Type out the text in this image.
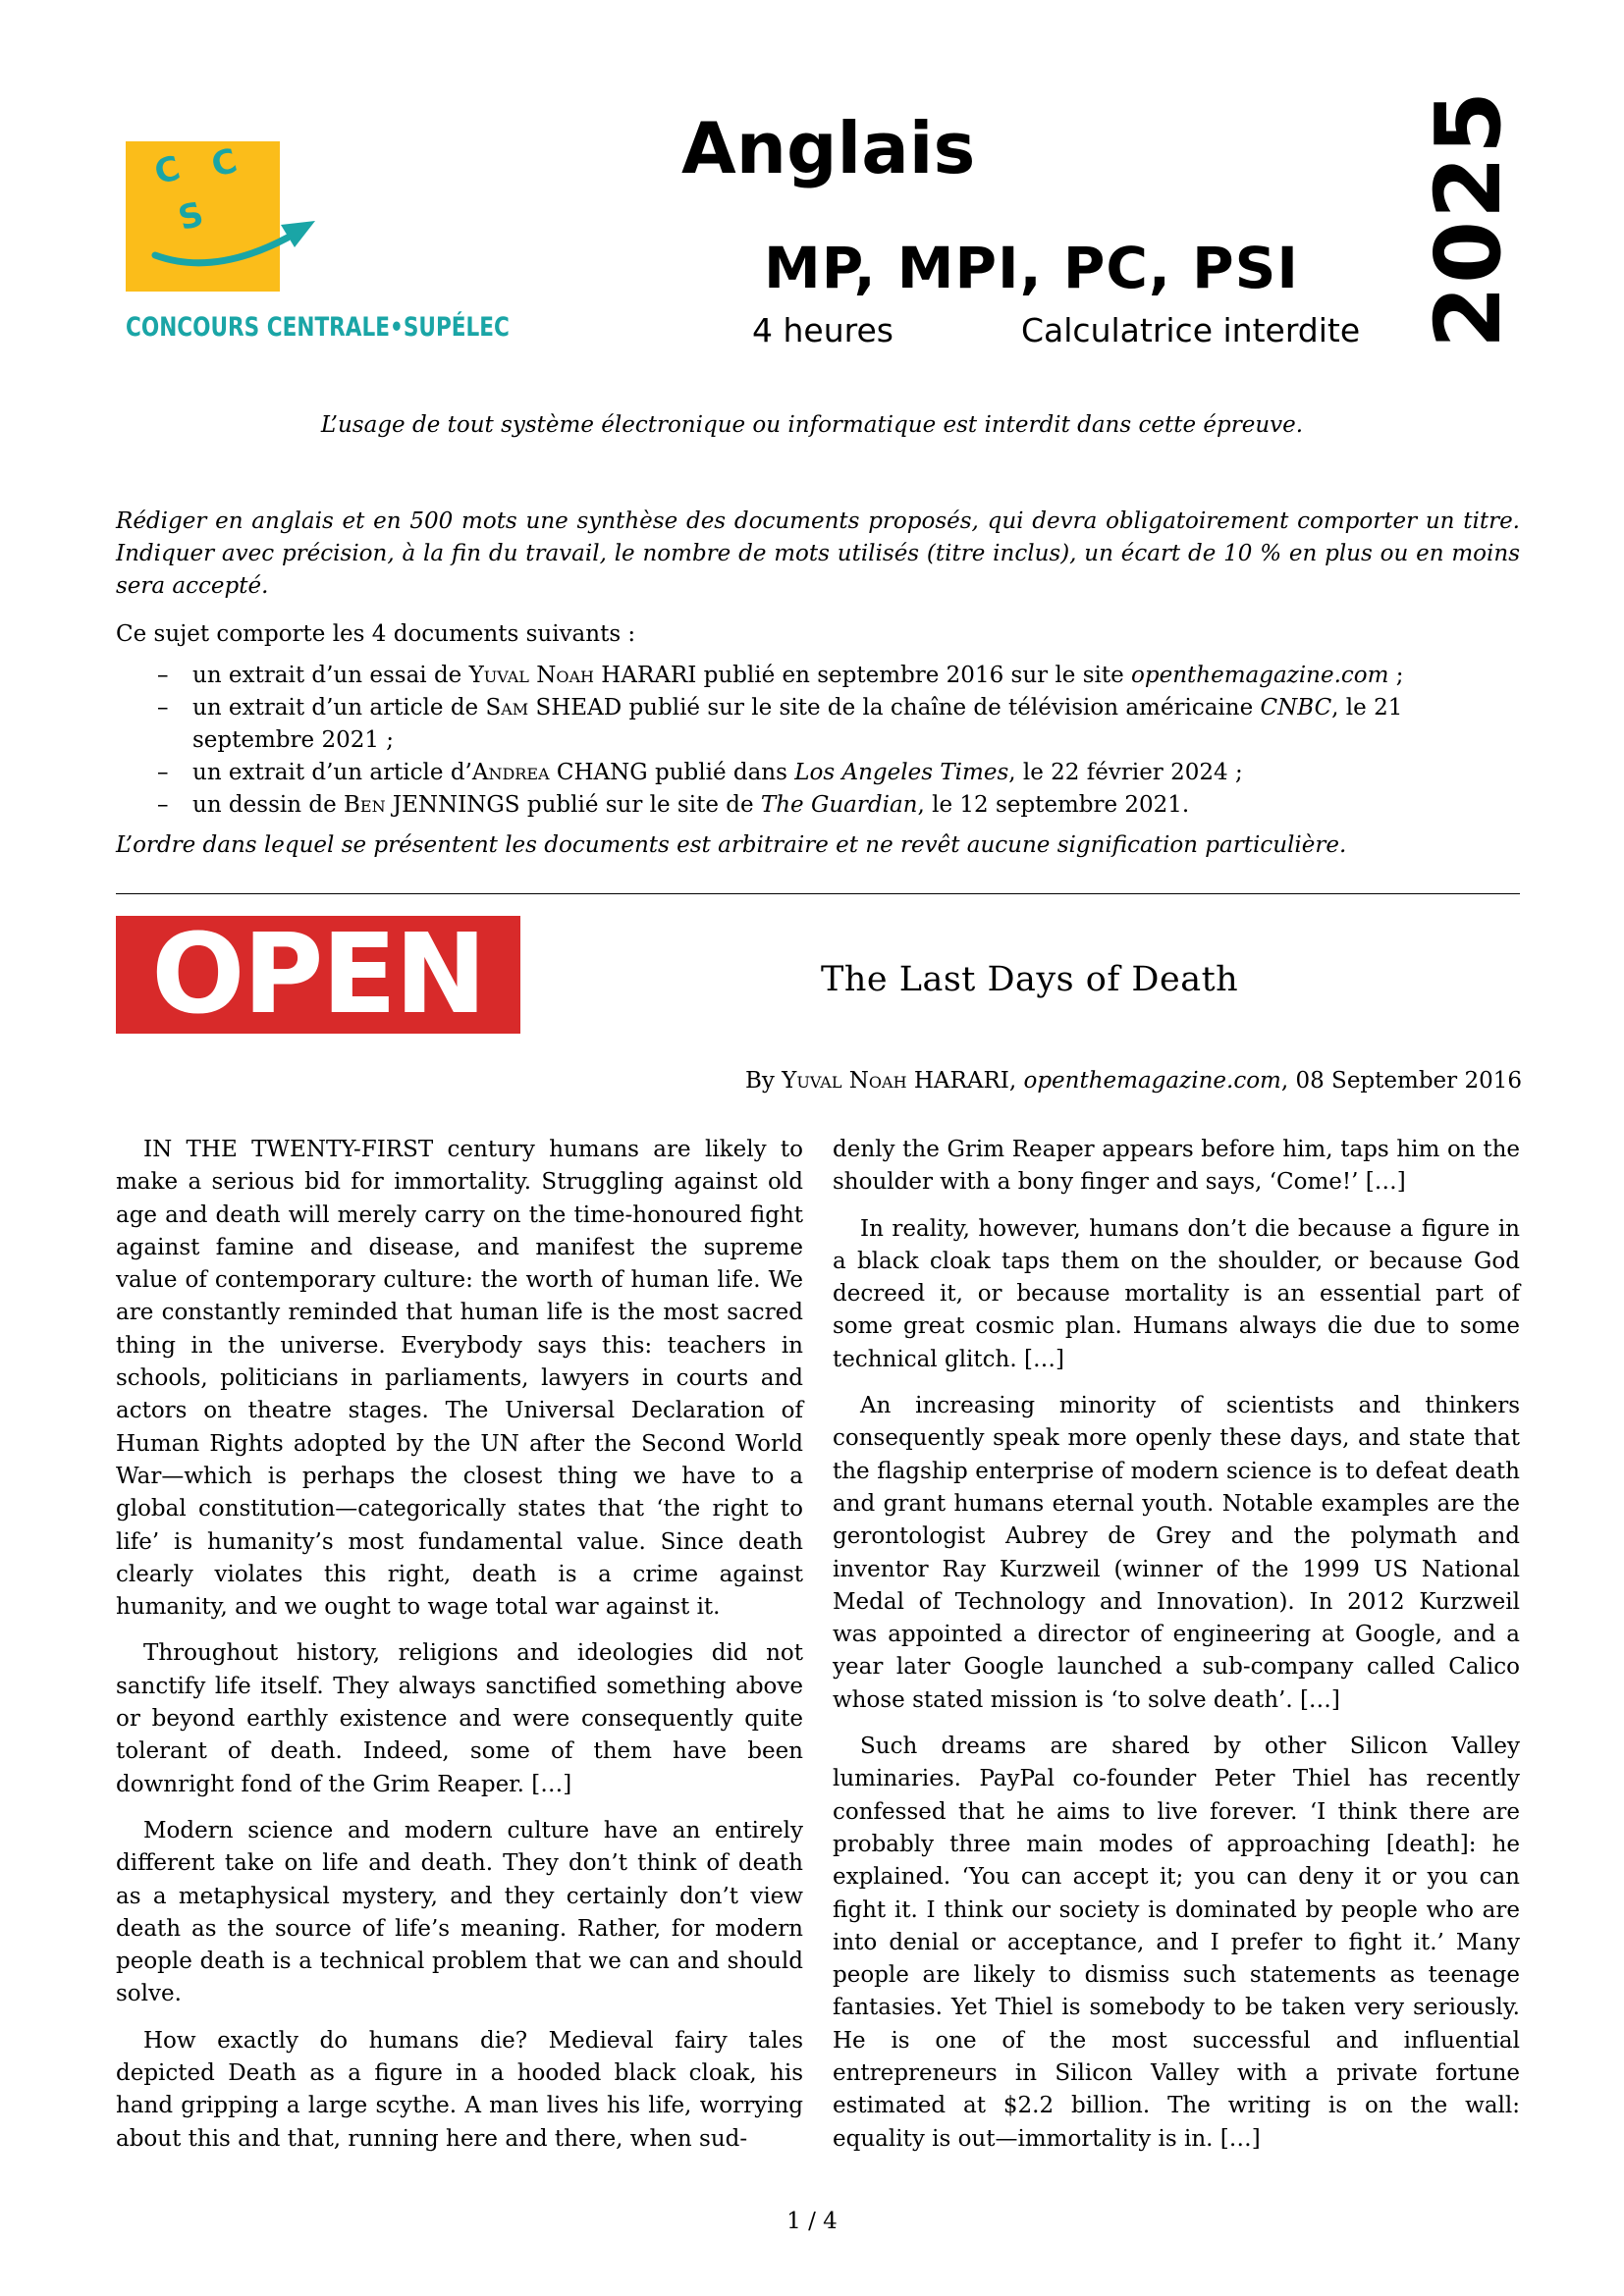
C C
S
CONCOURS CENTRALE•SUPÉLEC
Anglais
MP, MPI, PC, PSI
4 heures	Calculatrice interdite 2025
L’usage de tout système électronique ou informatique est interdit dans cette épreuve.
Rédiger en anglais et en 500 mots une synthèse des documents proposés, qui devra obligatoirement comporter un titre. Indiquer avec précision, à la fin du travail, le nombre de mots utilisés (titre inclus), un écart de 10 % en plus ou en moins sera accepté.
Ce sujet comporte les 4 documents suivants :
– un extrait d’un essai de Yuval Noah HARARI publié en septembre 2016 sur le site openthemagazine.com ;
– un extrait d’un article de Sam SHEAD publié sur le site de la chaîne de télévision américaine CNBC, le 21 septembre 2021 ;
– un extrait d’un article d’Andrea CHANG publié dans Los Angeles Times, le 22 février 2024 ;
– un dessin de Ben JENNINGS publié sur le site de The Guardian, le 12 septembre 2021.
L’ordre dans lequel se présentent les documents est arbitraire et ne revêt aucune signification particulière.
OPEN	The Last Days of Death
By Yuval Noah HARARI, openthemagazine.com, 08 September 2016

IN THE TWENTY-FIRST century humans are likely to make a serious bid for immortality. Struggling against old age and death will merely carry on the time-honoured fight against famine and disease, and manifest the supreme value of contemporary culture: the worth of human life. We are constantly reminded that human life is the most sacred thing in the universe. Everybody says this: teachers in schools, politicians in parliaments, lawyers in courts and actors on theatre stages. The Universal Declaration of Human Rights adopted by the UN after the Second World War—which is perhaps the closest thing we have to a global constitution—categorically states that ‘the right to life’ is humanity’s most fundamental value. Since death clearly violates this right, death is a crime against humanity, and we ought to wage total war against it.

Throughout history, religions and ideologies did not sanctify life itself. They always sanctified something above or beyond earthly existence and were consequently quite tolerant of death. Indeed, some of them have been downright fond of the Grim Reaper. […]

Modern science and modern culture have an entirely different take on life and death. They don’t think of death as a metaphysical mystery, and they certainly don’t view death as the source of life’s meaning. Rather, for modern people death is a technical problem that we can and should solve.

How exactly do humans die? Medieval fairy tales depicted Death as a figure in a hooded black cloak, his hand gripping a large scythe. A man lives his life, worrying about this and that, running here and there, when sud-

denly the Grim Reaper appears before him, taps him on the shoulder with a bony finger and says, ‘Come!’ […]

In reality, however, humans don’t die because a figure in a black cloak taps them on the shoulder, or because God decreed it, or because mortality is an essential part of some great cosmic plan. Humans always die due to some technical glitch. […]

An increasing minority of scientists and thinkers consequently speak more openly these days, and state that the flagship enterprise of modern science is to defeat death and grant humans eternal youth. Notable examples are the gerontologist Aubrey de Grey and the polymath and inventor Ray Kurzweil (winner of the 1999 US National Medal of Technology and Innovation). In 2012 Kurzweil was appointed a director of engineering at Google, and a year later Google launched a sub-company called Calico whose stated mission is ‘to solve death’. […]

Such dreams are shared by other Silicon Valley luminaries. PayPal co-founder Peter Thiel has recently confessed that he aims to live forever. ‘I think there are probably three main modes of approaching [death]: he explained. ‘You can accept it; you can deny it or you can fight it. I think our society is dominated by people who are into denial or acceptance, and I prefer to fight it.’ Many people are likely to dismiss such statements as teenage fantasies. Yet Thiel is somebody to be taken very seriously. He is one of the most successful and influential entrepreneurs in Silicon Valley with a private fortune estimated at $2.2 billion. The writing is on the wall: equality is out—immortality is in. […]

1 / 4
